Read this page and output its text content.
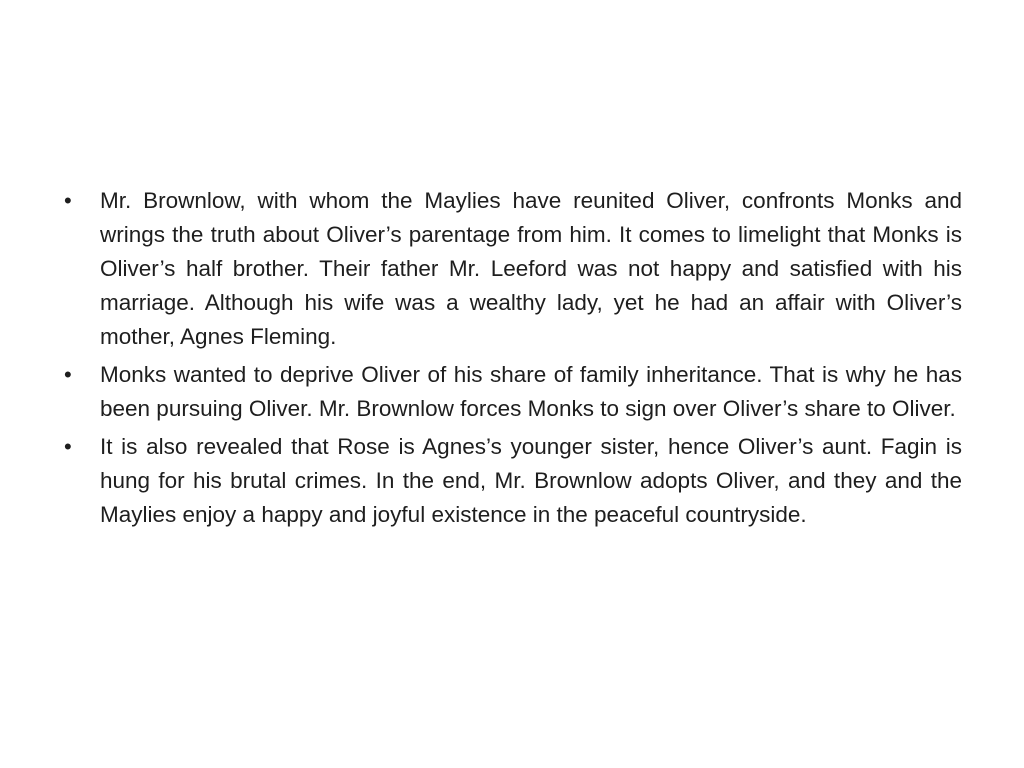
• Mr. Brownlow, with whom the Maylies have reunited Oliver, confronts Monks and wrings the truth about Oliver’s parentage from him. It comes to limelight that Monks is Oliver’s half brother. Their father Mr. Leeford was not happy and satisfied with his marriage. Although his wife was a wealthy lady, yet he had an affair with Oliver’s mother, Agnes Fleming.
• Monks wanted to deprive Oliver of his share of family inheritance. That is why he has been pursuing Oliver. Mr. Brownlow forces Monks to sign over Oliver’s share to Oliver.
• It is also revealed that Rose is Agnes’s younger sister, hence Oliver’s aunt. Fagin is hung for his brutal crimes. In the end, Mr. Brownlow adopts Oliver, and they and the Maylies enjoy a happy and joyful existence in the peaceful countryside.
